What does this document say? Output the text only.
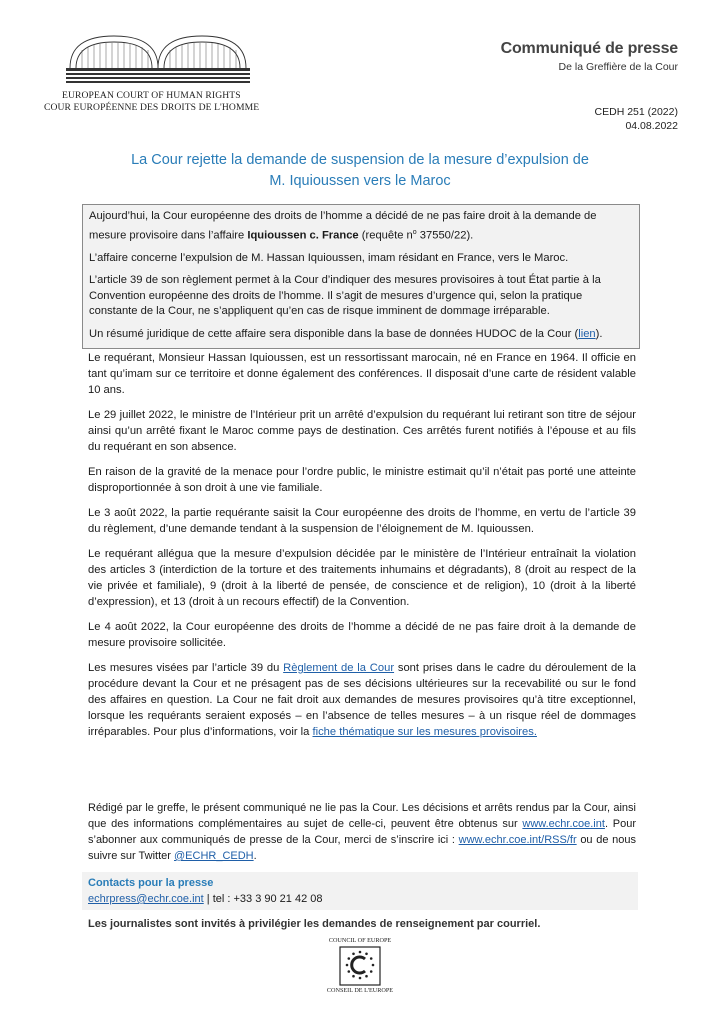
EUROPEAN COURT OF HUMAN RIGHTS
COUR EUROPÉENNE DES DROITS DE L'HOMME
Communiqué de presse
De la Greffière de la Cour
CEDH 251 (2022)
04.08.2022
La Cour rejette la demande de suspension de la mesure d’expulsion de
M. Iquioussen vers le Maroc

Aujourd’hui, la Cour européenne des droits de l’homme a décidé de ne pas faire droit à la demande de mesure provisoire dans l’affaire Iquioussen c. France (requête $n^o$ 37550/22).

L’affaire concerne l’expulsion de M. Hassan Iquioussen, imam résidant en France, vers le Maroc.

L’article 39 de son règlement permet à la Cour d’indiquer des mesures provisoires à tout État partie à la Convention européenne des droits de l’homme. Il s’agit de mesures d’urgence qui, selon la pratique constante de la Cour, ne s’appliquent qu’en cas de risque imminent de dommage irréparable.

Un résumé juridique de cette affaire sera disponible dans la base de données HUDOC de la Cour (lien).

Le requérant, Monsieur Hassan Iquioussen, est un ressortissant marocain, né en France en 1964. Il officie en tant qu’imam sur ce territoire et donne également des conférences. Il disposait d’une carte de résident valable 10 ans.

Le 29 juillet 2022, le ministre de l’Intérieur prit un arrêté d’expulsion du requérant lui retirant son titre de séjour ainsi qu’un arrêté fixant le Maroc comme pays de destination. Ces arrêtés furent notifiés à l’épouse et au fils du requérant en son absence.

En raison de la gravité de la menace pour l’ordre public, le ministre estimait qu’il n’était pas porté une atteinte disproportionnée à son droit à une vie familiale.

Le 3 août 2022, la partie requérante saisit la Cour européenne des droits de l’homme, en vertu de l’article 39 du règlement, d’une demande tendant à la suspension de l’éloignement de M. Iquioussen.

Le requérant allégua que la mesure d’expulsion décidée par le ministère de l’Intérieur entraînait la violation des articles 3 (interdiction de la torture et des traitements inhumains et dégradants), 8 (droit au respect de la vie privée et familiale), 9 (droit à la liberté de pensée, de conscience et de religion), 10 (droit à la liberté d’expression), et 13 (droit à un recours effectif) de la Convention.

Le 4 août 2022, la Cour européenne des droits de l’homme a décidé de ne pas faire droit à la demande de mesure provisoire sollicitée.

Les mesures visées par l’article 39 du Règlement de la Cour sont prises dans le cadre du déroulement de la procédure devant la Cour et ne présagent pas de ses décisions ultérieures sur la recevabilité ou sur le fond des affaires en question. La Cour ne fait droit aux demandes de mesures provisoires qu’à titre exceptionnel, lorsque les requérants seraient exposés – en l’absence de telles mesures – à un risque réel de dommages irréparables. Pour plus d’informations, voir la fiche thématique sur les mesures provisoires.

Rédigé par le greffe, le présent communiqué ne lie pas la Cour. Les décisions et arrêts rendus par la Cour, ainsi que des informations complémentaires au sujet de celle-ci, peuvent être obtenus sur www.echr.coe.int. Pour s’abonner aux communiqués de presse de la Cour, merci de s’inscrire ici : www.echr.coe.int/RSS/fr ou de nous suivre sur Twitter @ECHR_CEDH.
Contacts pour la presse
echrpress@echr.coe.int | tel : +33 3 90 21 42 08
Les journalistes sont invités à privilégier les demandes de renseignement par courriel.
COUNCIL OF EUROPE
CONSEIL DE L'EUROPE
